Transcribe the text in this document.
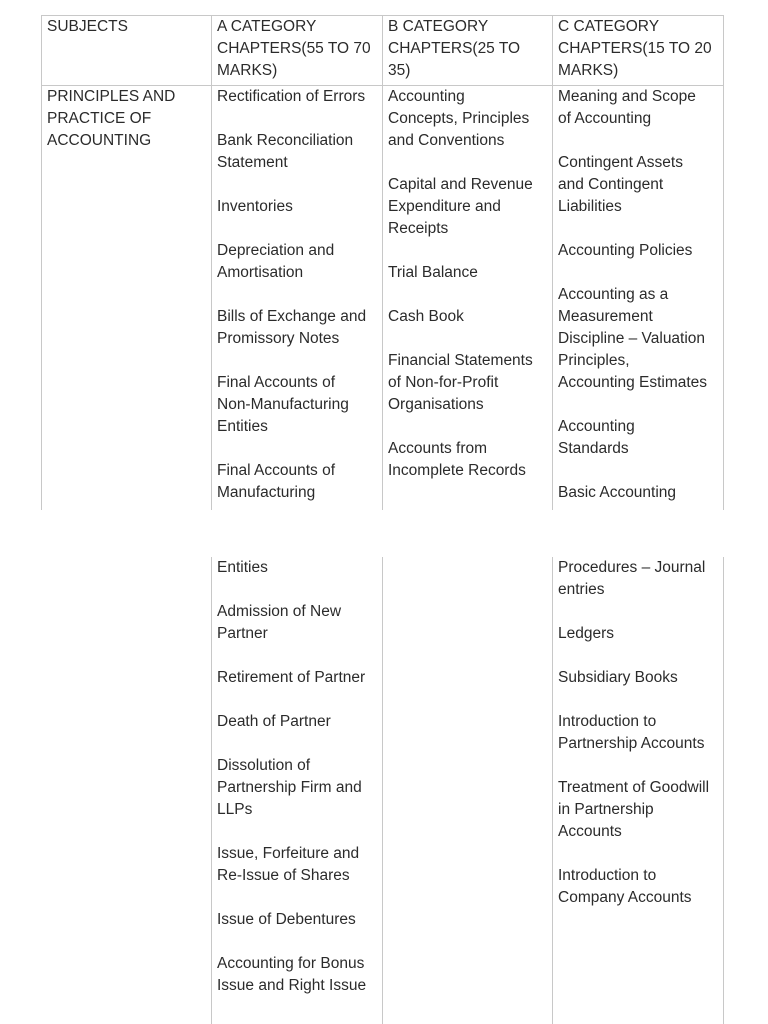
SUBJECTS	A CATEGORY
CHAPTERS(55 TO 70
MARKS)
B CATEGORY
CHAPTERS(25 TO
35)
C CATEGORY
CHAPTERS(15 TO 20
MARKS)
PRINCIPLES AND
PRACTICE OF
ACCOUNTING
Rectification of Errors
Bank Reconciliation
Statement
Inventories
Depreciation and
Amortisation
Bills of Exchange and
Promissory Notes
Final Accounts of
Non-Manufacturing
Entities
Final Accounts of
Manufacturing
Accounting
Concepts, Principles
and Conventions
Capital and Revenue
Expenditure and
Receipts
Trial Balance
Cash Book
Financial Statements
of Non-for-Profit
Organisations
Accounts from
Incomplete Records
Meaning and Scope
of Accounting
Contingent Assets
and Contingent
Liabilities
Accounting Policies
Accounting as a
Measurement
Discipline – Valuation
Principles,
Accounting Estimates
Accounting
Standards
Basic Accounting
Entities
Admission of New
Partner
Retirement of Partner
Death of Partner
Dissolution of
Partnership Firm and
LLPs
Issue, Forfeiture and
Re-Issue of Shares
Issue of Debentures
Accounting for Bonus
Issue and Right Issue
Procedures – Journal
entries
Ledgers
Subsidiary Books
Introduction to
Partnership Accounts
Treatment of Goodwill
in Partnership
Accounts
Introduction to
Company Accounts
